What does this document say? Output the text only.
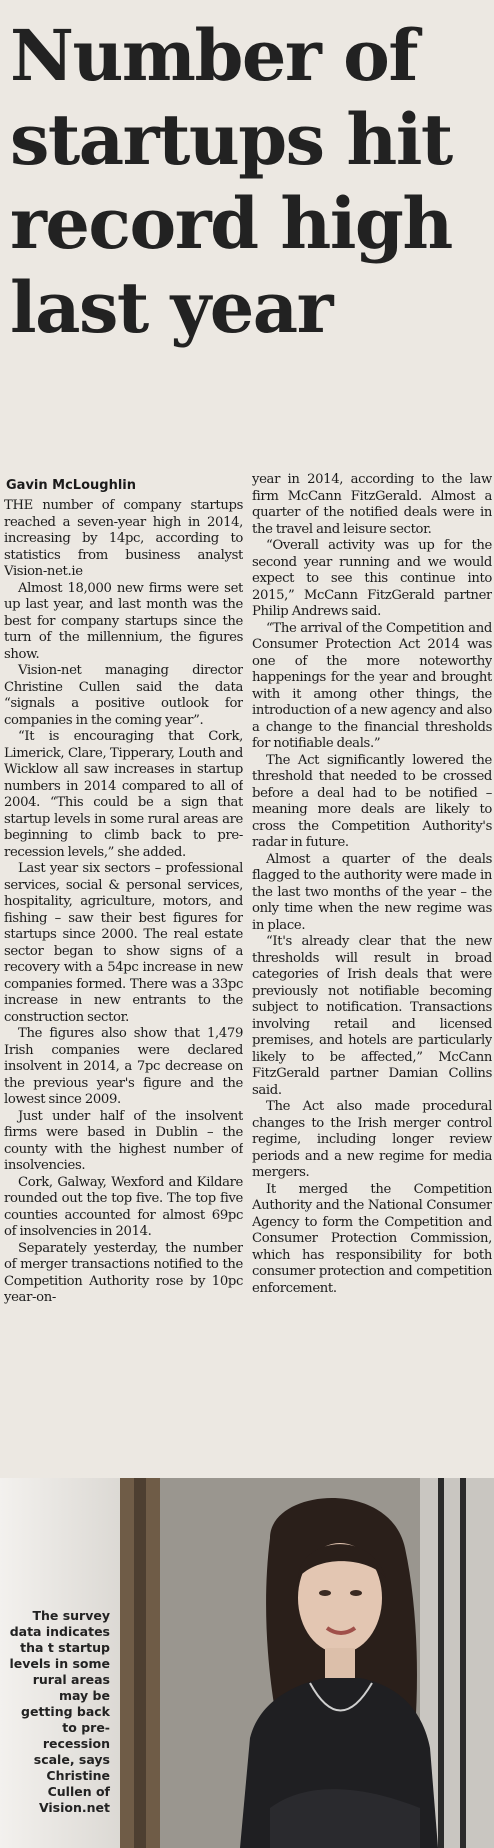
Number of startups hit record high last year
Gavin McLoughlin

THE number of company startups reached a seven-year high in 2014, increasing by 14pc, according to statistics from business analyst Vision-net.ie

Almost 18,000 new firms were set up last year, and last month was the best for company startups since the turn of the millennium, the figures show.

Vision-net managing director Christine Cullen said the data “signals a positive outlook for companies in the coming year”.

“It is encouraging that Cork, Limerick, Clare, Tipperary, Louth and Wicklow all saw increases in startup numbers in 2014 compared to all of 2004. “This could be a sign that startup levels in some rural areas are beginning to climb back to pre-recession levels,” she added.

Last year six sectors – professional services, social & personal services, hospitality, agriculture, motors, and fishing – saw their best figures for startups since 2000. The real estate sector began to show signs of a recovery with a 54pc increase in new companies formed. There was a 33pc increase in new entrants to the construction sector.

The figures also show that 1,479 Irish companies were declared insolvent in 2014, a 7pc decrease on the previous year's figure and the lowest since 2009.

Just under half of the insolvent firms were based in Dublin – the county with the highest number of insolvencies.

Cork, Galway, Wexford and Kildare rounded out the top five. The top five counties accounted for almost 69pc of insolvencies in 2014.

Separately yesterday, the number of merger transactions notified to the Competition Authority rose by 10pc year-on-

year in 2014, according to the law firm McCann FitzGerald. Almost a quarter of the notified deals were in the travel and leisure sector.

“Overall activity was up for the second year running and we would expect to see this continue into 2015,” McCann FitzGerald partner Philip Andrews said.

“The arrival of the Competition and Consumer Protection Act 2014 was one of the more noteworthy happenings for the year and brought with it among other things, the introduction of a new agency and also a change to the financial thresholds for notifiable deals.”

The Act significantly lowered the threshold that needed to be crossed before a deal had to be notified – meaning more deals are likely to cross the Competition Authority's radar in future.

Almost a quarter of the deals flagged to the authority were made in the last two months of the year – the only time when the new regime was in place.

“It's already clear that the new thresholds will result in broad categories of Irish deals that were previously not notifiable becoming subject to notification. Transactions involving retail and licensed premises, and hotels are particularly likely to be affected,” McCann FitzGerald partner Damian Collins said.

The Act also made procedural changes to the Irish merger control regime, including longer review periods and a new regime for media mergers.

It merged the Competition Authority and the National Consumer Agency to form the Competition and Consumer Protection Commission, which has responsibility for both consumer protection and competition enforcement.

The survey data indicates tha t startup levels in some rural areas may be getting back to pre-recession scale, says Christine Cullen of Vision.net
